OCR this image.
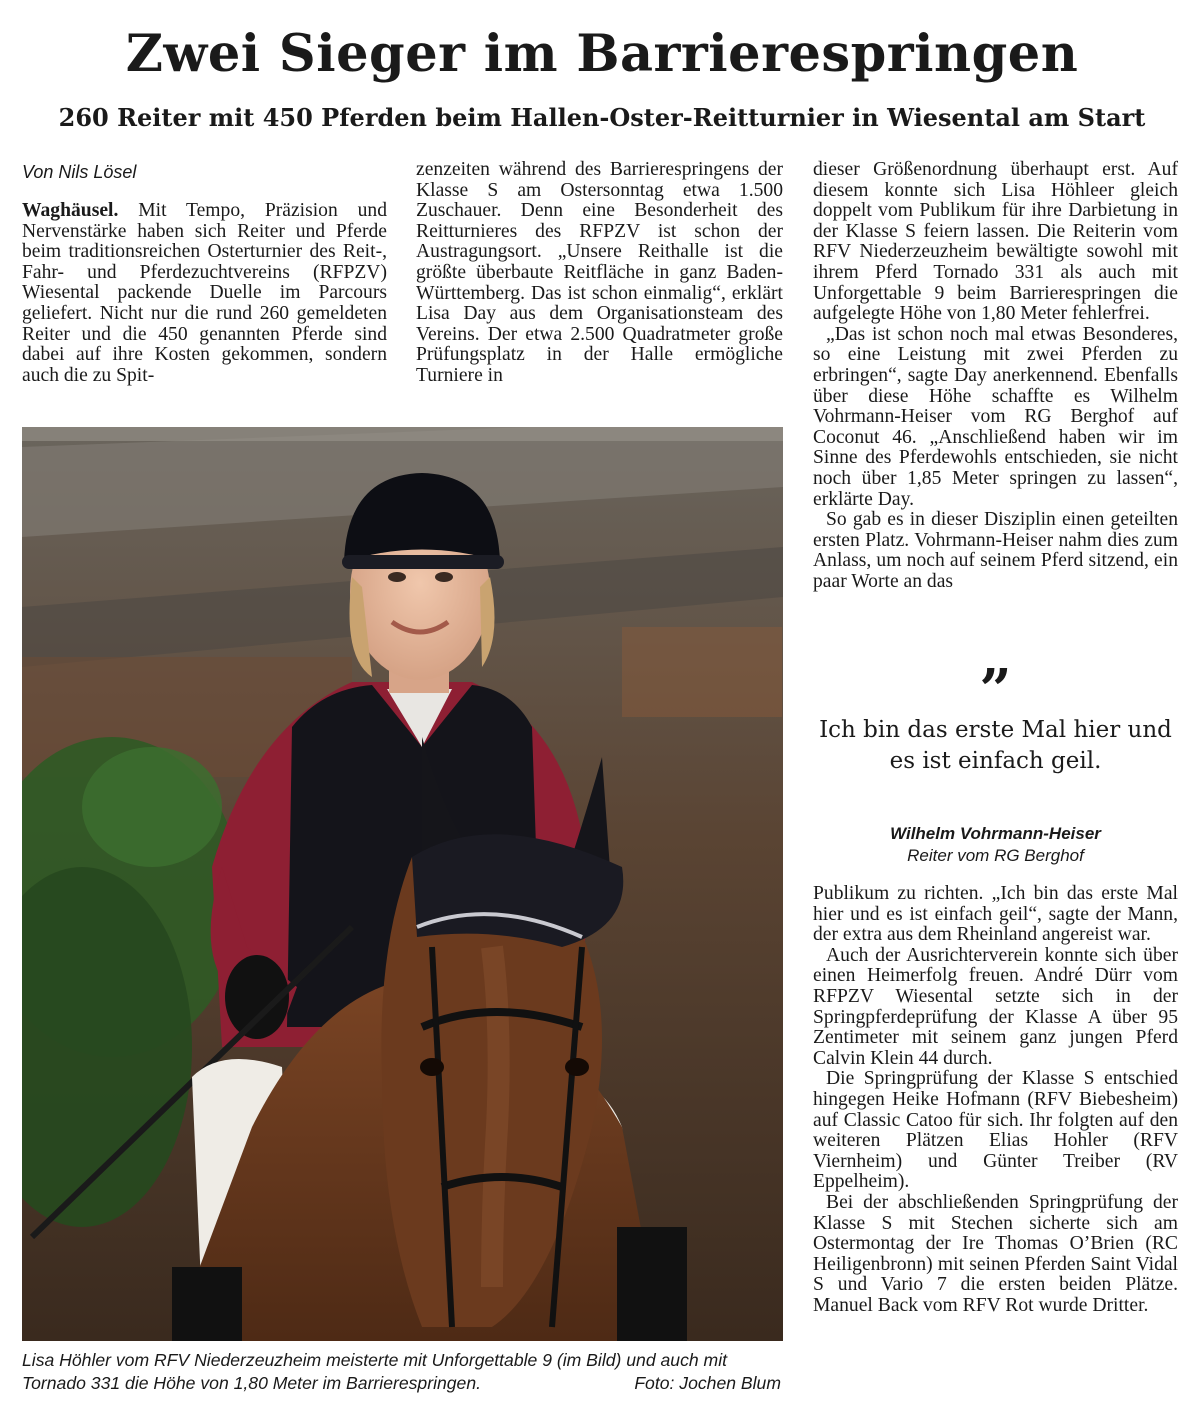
Zwei Sieger im Barrierespringen
260 Reiter mit 450 Pferden beim Hallen-Oster-Reitturnier in Wiesental am Start

Von Nils Lösel

Waghäusel. Mit Tempo, Präzision und Nervenstärke haben sich Reiter und Pferde beim traditionsreichen Osterturnier des Reit-, Fahr- und Pferdezuchtvereins (RFPZV) Wiesental packende Duelle im Parcours geliefert. Nicht nur die rund 260 gemeldeten Reiter und die 450 genannten Pferde sind dabei auf ihre Kosten gekommen, sondern auch die zu Spit-

zenzeiten während des Barrierespringens der Klasse S am Ostersonntag etwa 1.500 Zuschauer. Denn eine Besonderheit des Reitturnieres des RFPZV ist schon der Austragungsort. „Unsere Reithalle ist die größte überbaute Reitfläche in ganz Baden-Württemberg. Das ist schon einmalig“, erklärt Lisa Day aus dem Organisationsteam des Vereins. Der etwa 2.500 Quadratmeter große Prüfungsplatz in der Halle ermögliche Turniere in

dieser Größenordnung überhaupt erst. Auf diesem konnte sich Lisa Höhleer gleich doppelt vom Publikum für ihre Darbietung in der Klasse S feiern lassen. Die Reiterin vom RFV Niederzeuzheim bewältigte sowohl mit ihrem Pferd Tornado 331 als auch mit Unforgettable 9 beim Barrierespringen die aufgelegte Höhe von 1,80 Meter fehlerfrei.

„Das ist schon noch mal etwas Besonderes, so eine Leistung mit zwei Pferden zu erbringen“, sagte Day anerkennend. Ebenfalls über diese Höhe schaffte es Wilhelm Vohrmann-Heiser vom RG Berghof auf Coconut 46. „Anschließend haben wir im Sinne des Pferdewohls entschieden, sie nicht noch über 1,85 Meter springen zu lassen“, erklärte Day.

So gab es in dieser Disziplin einen geteilten ersten Platz. Vohrmann-Heiser nahm dies zum Anlass, um noch auf seinem Pferd sitzend, ein paar Worte an das

”

Ich bin das erste Mal hier und es ist einfach geil.

Wilhelm Vohrmann-Heiser

Reiter vom RG Berghof

Publikum zu richten. „Ich bin das erste Mal hier und es ist einfach geil“, sagte der Mann, der extra aus dem Rheinland angereist war.

Auch der Ausrichterverein konnte sich über einen Heimerfolg freuen. André Dürr vom RFPZV Wiesental setzte sich in der Springpferdeprüfung der Klasse A über 95 Zentimeter mit seinem ganz jungen Pferd Calvin Klein 44 durch.

Die Springprüfung der Klasse S entschied hingegen Heike Hofmann (RFV Biebesheim) auf Classic Catoo für sich. Ihr folgten auf den weiteren Plätzen Elias Hohler (RFV Viernheim) und Günter Treiber (RV Eppelheim).

Bei der abschließenden Springprüfung der Klasse S mit Stechen sicherte sich am Ostermontag der Ire Thomas O’Brien (RC Heiligenbronn) mit seinen Pferden Saint Vidal S und Vario 7 die ersten beiden Plätze. Manuel Back vom RFV Rot wurde Dritter.

Lisa Höhler vom RFV Niederzeuzheim meisterte mit Unforgettable 9 (im Bild) und auch mit Tornado 331 die Höhe von 1,80 Meter im Barrierespringen.	Foto: Jochen Blum
